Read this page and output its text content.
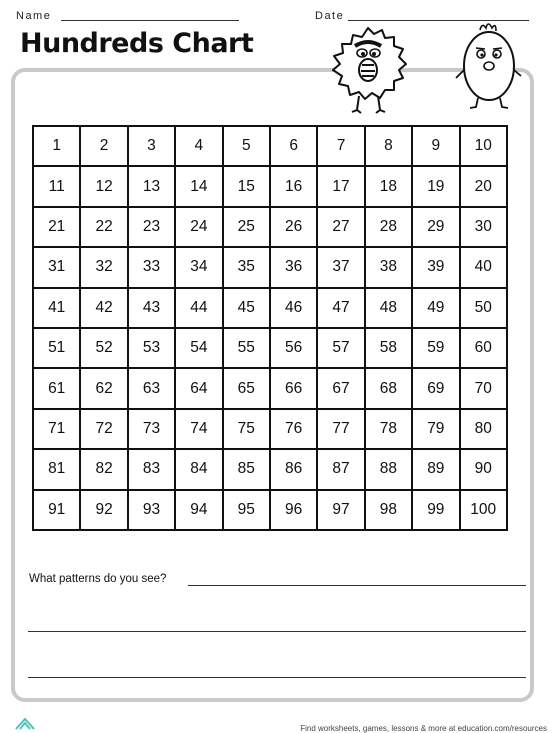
Name	Date
Hundreds Chart
1	2	3	4	5	6	7	8	9	10
11	12	13	14	15	16	17	18	19	20
21	22	23	24	25	26	27	28	29	30
31	32	33	34	35	36	37	38	39	40
41	42	43	44	45	46	47	48	49	50
51	52	53	54	55	56	57	58	59	60
61	62	63	64	65	66	67	68	69	70
71	72	73	74	75	76	77	78	79	80
81	82	83	84	85	86	87	88	89	90
91	92	93	94	95	96	97	98	99	100
What patterns do you see?
Find worksheets, games, lessons & more at education.com/resources
